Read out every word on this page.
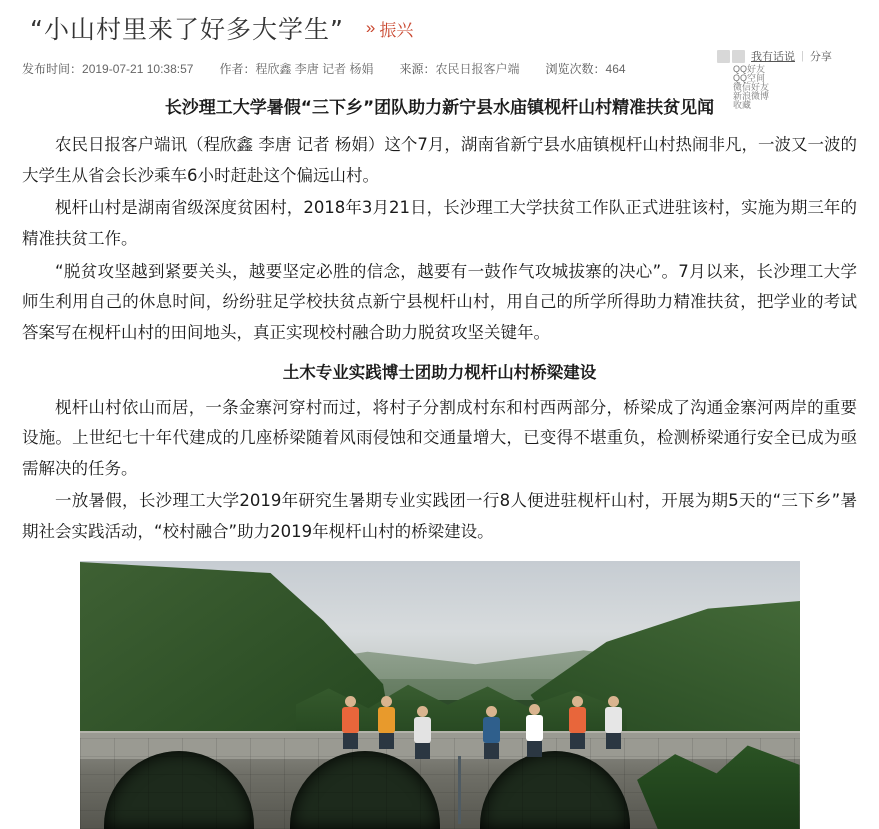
“小山村里来了好多大学生” » 振兴
发布时间：2019-07-21 10:38:57 作者：程欣鑫 李唐 记者 杨娟 来源：农民日报客户端 浏览次数：464
我有话说 | 分享
QQ好友
QQ空间
微信好友
新浪微博
收藏
长沙理工大学暑假“三下乡”团队助力新宁县水庙镇枧杆山村精准扶贫见闻

农民日报客户端讯（程欣鑫 李唐 记者 杨娟）这个7月，湖南省新宁县水庙镇枧杆山村热闹非凡，一波又一波的大学生从省会长沙乘车6小时赶赴这个偏远山村。

枧杆山村是湖南省级深度贫困村，2018年3月21日，长沙理工大学扶贫工作队正式进驻该村，实施为期三年的精准扶贫工作。

“脱贫攻坚越到紧要关头，越要坚定必胜的信念，越要有一鼓作气攻城拔寨的决心”。7月以来，长沙理工大学师生利用自己的休息时间，纷纷驻足学校扶贫点新宁县枧杆山村，用自己的所学所得助力精准扶贫，把学业的考试答案写在枧杆山村的田间地头，真正实现校村融合助力脱贫攻坚关键年。

土木专业实践博士团助力枧杆山村桥梁建设

枧杆山村依山而居，一条金寨河穿村而过，将村子分割成村东和村西两部分，桥梁成了沟通金寨河两岸的重要设施。上世纪七十年代建成的几座桥梁随着风雨侵蚀和交通量增大，已变得不堪重负，检测桥梁通行安全已成为亟需解决的任务。

一放暑假，长沙理工大学2019年研究生暑期专业实践团一行8人便进驻枧杆山村，开展为期5天的“三下乡”暑期社会实践活动，“校村融合”助力2019年枧杆山村的桥梁建设。
